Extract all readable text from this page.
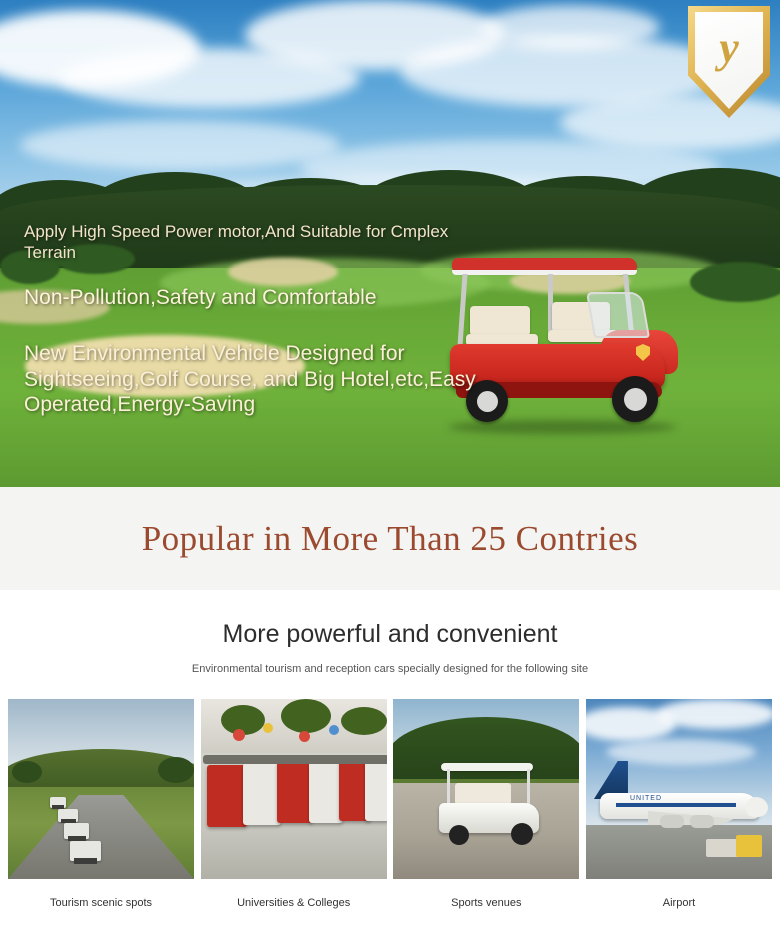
y
Apply High Speed Power motor,And Suitable for Cmplex Terrain
Non-Pollution,Safety and Comfortable
New Environmental Vehicle Designed for Sightseeing,Golf Course, and Big Hotel,etc,Easy Operated,Energy-Saving
Popular in More Than 25 Contries
More powerful and convenient

Environmental tourism and reception cars specially designed for the following site

Tourism scenic spots	Universities & Colleges	Sports venues
UNITED
Airport
